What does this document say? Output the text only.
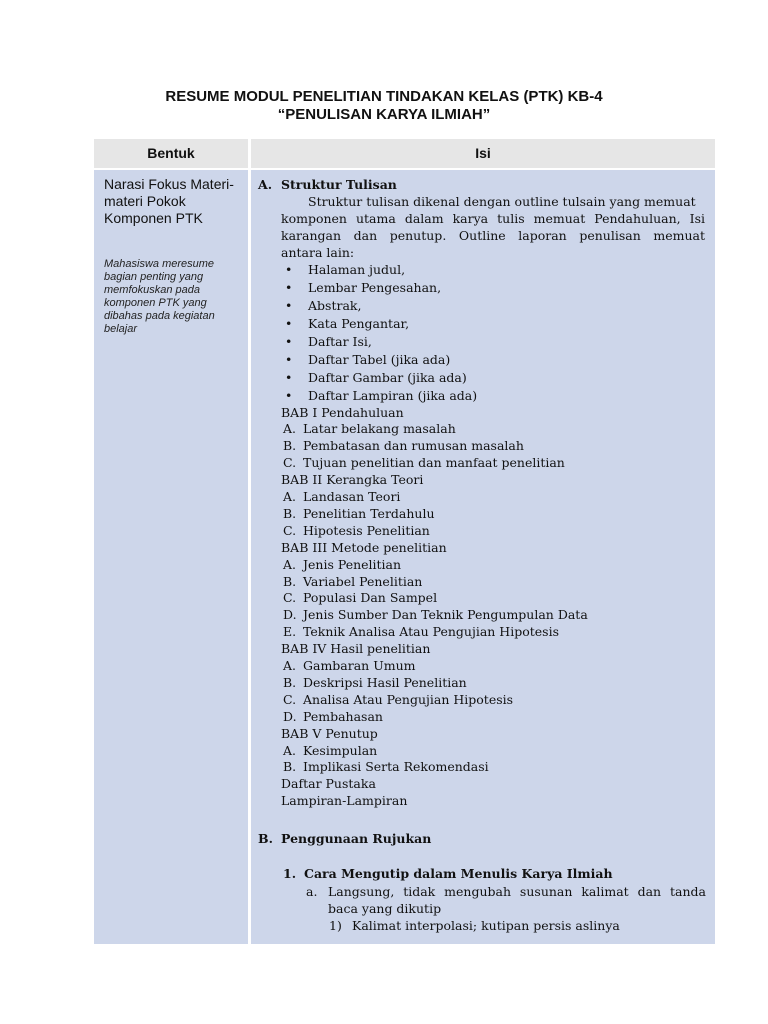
RESUME MODUL PENELITIAN TINDAKAN KELAS (PTK) KB-4
“PENULISAN KARYA ILMIAH”
Bentuk	Isi
Narasi Fokus Materi-materi Pokok Komponen PTK
Mahasiswa meresume bagian penting yang memfokuskan pada komponen PTK yang dibahas pada kegiatan belajar
A. Struktur Tulisan
Struktur tulisan dikenal dengan outline tulsain yang memuat
komponen utama dalam karya tulis memuat Pendahuluan, Isi
karangan dan penutup. Outline laporan penulisan memuat
antara lain:
• Halaman judul,
• Lembar Pengesahan,
• Abstrak,
• Kata Pengantar,
• Daftar Isi,
• Daftar Tabel (jika ada)
• Daftar Gambar (jika ada)
• Daftar Lampiran (jika ada)
BAB I Pendahuluan
A. Latar belakang masalah
B. Pembatasan dan rumusan masalah
C. Tujuan penelitian dan manfaat penelitian
BAB II Kerangka Teori
A. Landasan Teori
B. Penelitian Terdahulu
C. Hipotesis Penelitian
BAB III Metode penelitian
A. Jenis Penelitian
B. Variabel Penelitian
C. Populasi Dan Sampel
D. Jenis Sumber Dan Teknik Pengumpulan Data
E. Teknik Analisa Atau Pengujian Hipotesis
BAB IV Hasil penelitian
A. Gambaran Umum
B. Deskripsi Hasil Penelitian
C. Analisa Atau Pengujian Hipotesis
D. Pembahasan
BAB V Penutup
A. Kesimpulan
B. Implikasi Serta Rekomendasi
Daftar Pustaka
Lampiran-Lampiran
B. Penggunaan Rujukan
1. Cara Mengutip dalam Menulis Karya Ilmiah
a. Langsung, tidak mengubah susunan kalimat dan tanda
baca yang dikutip
1) Kalimat interpolasi; kutipan persis aslinya
